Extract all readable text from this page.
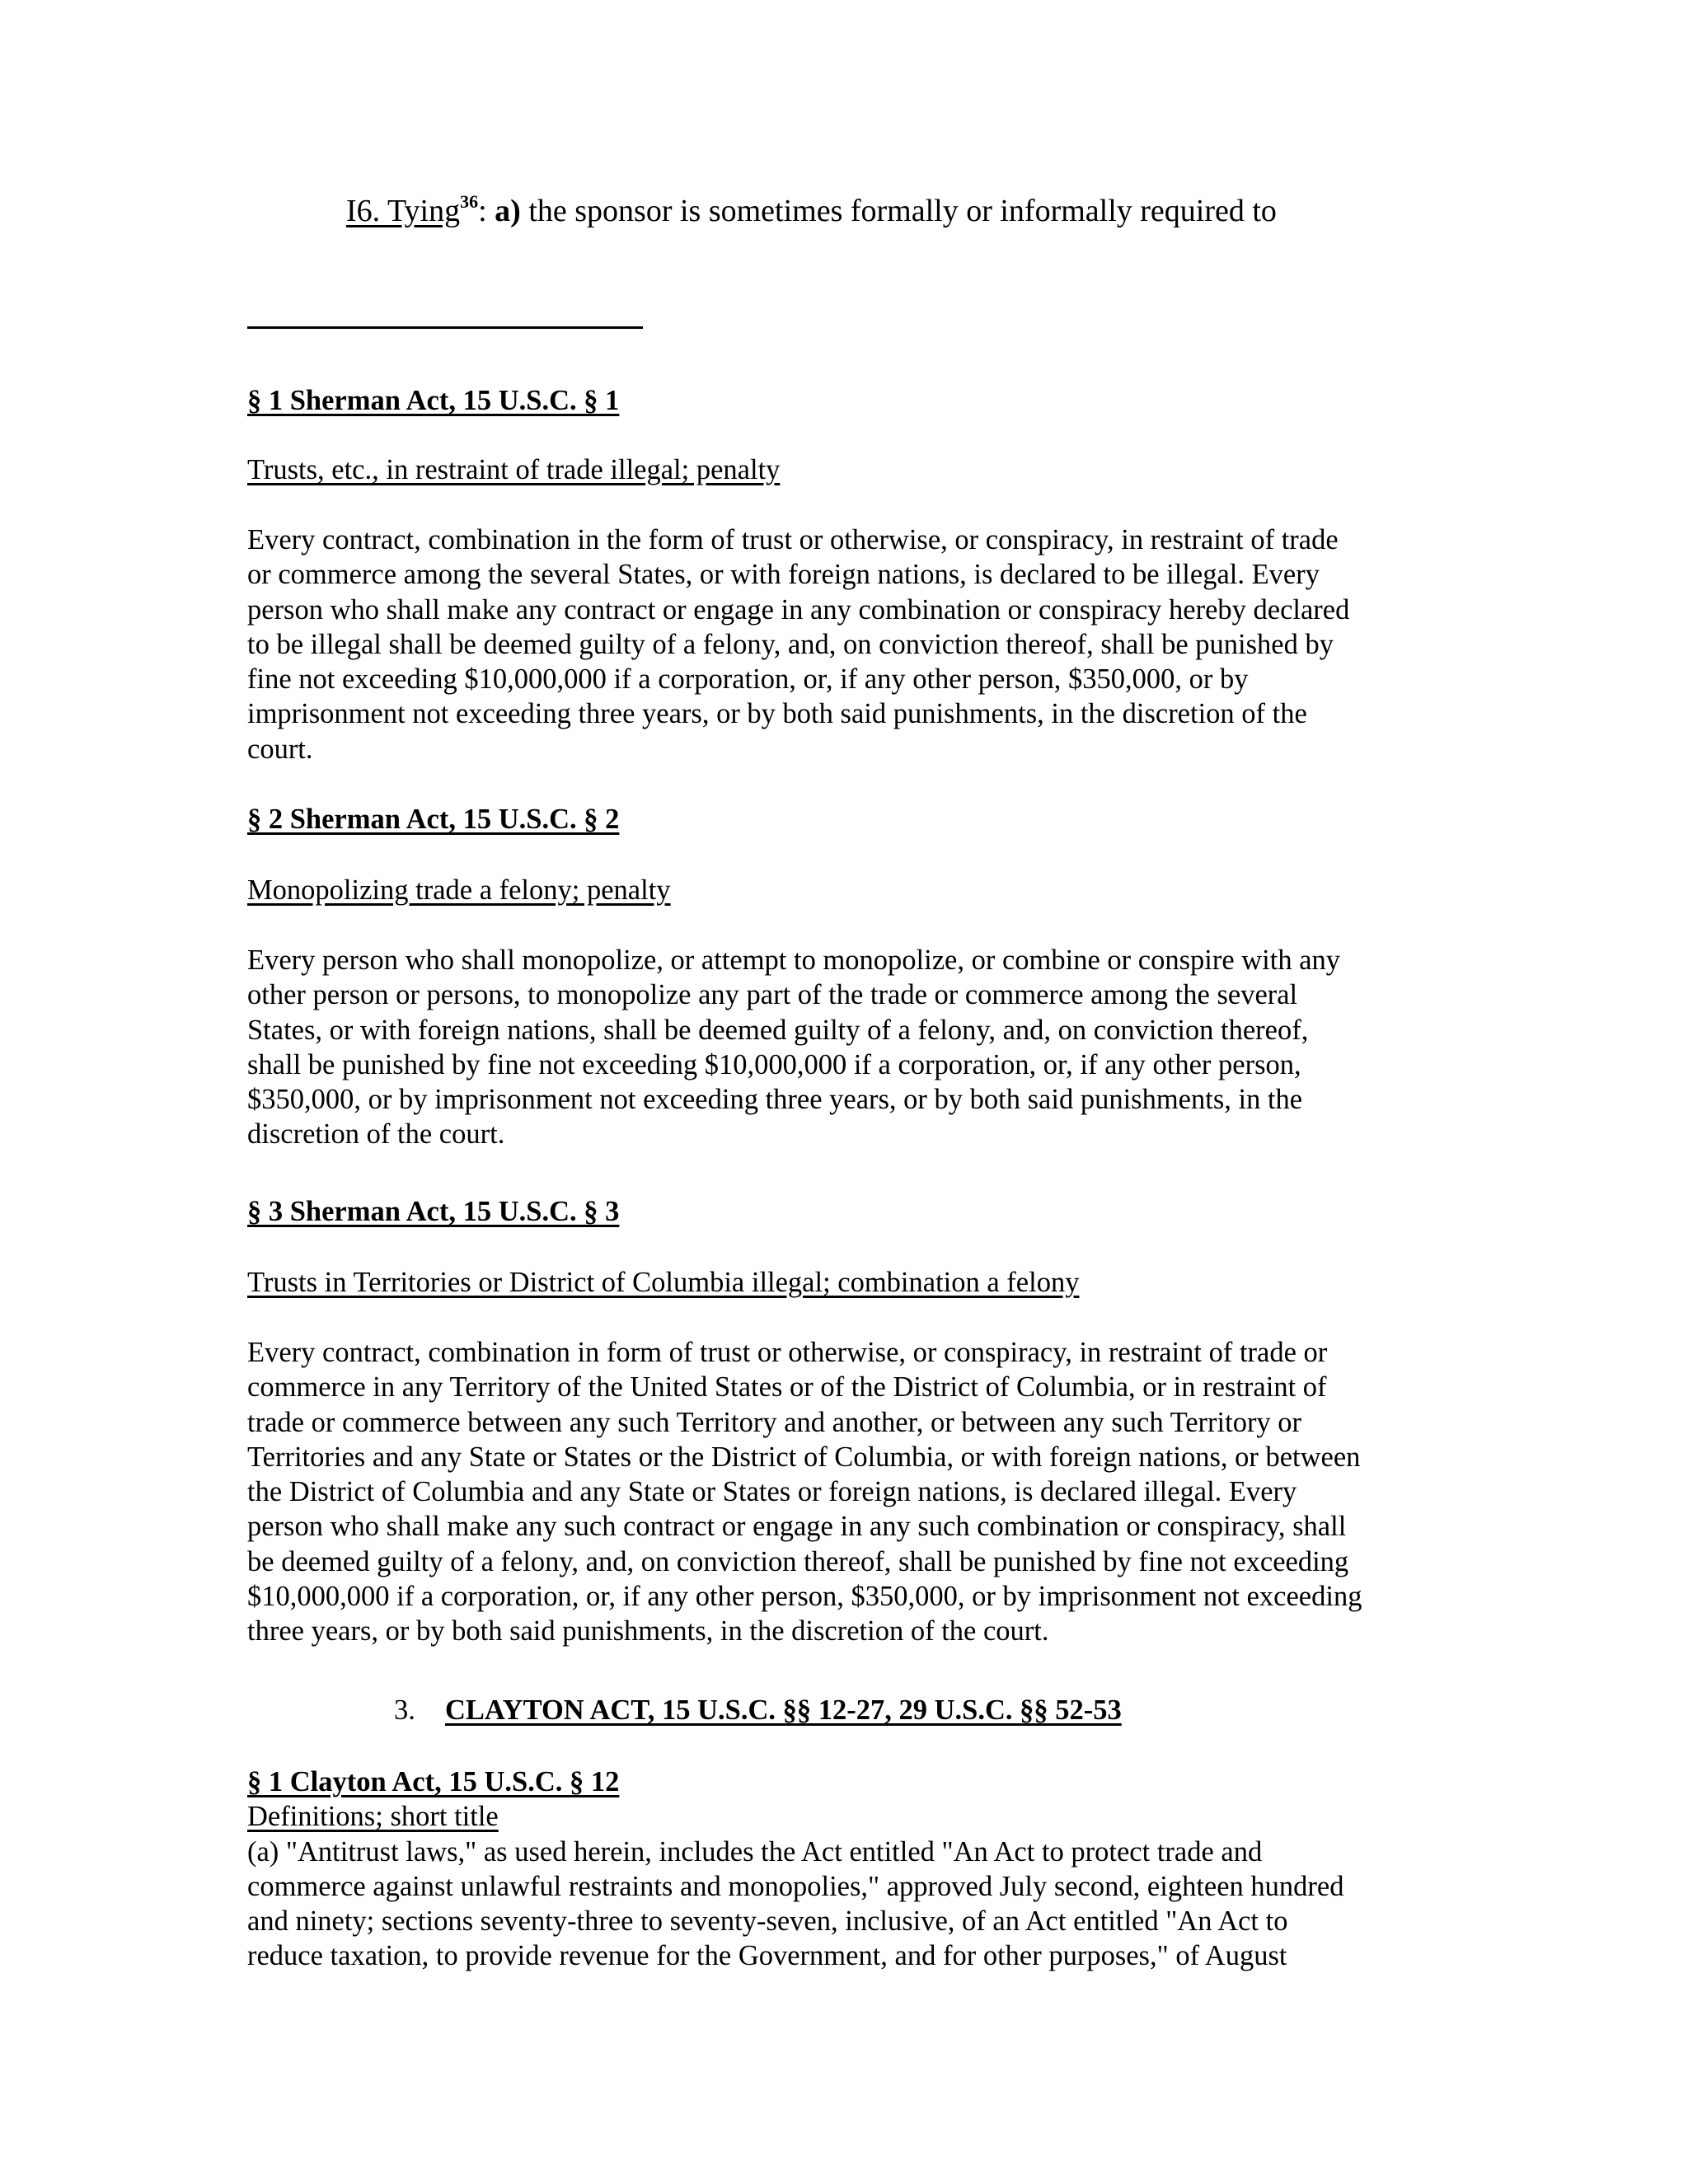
I6. Tying$^{36}$: a) the sponsor is sometimes formally or informally required to
§ 1 Sherman Act, 15 U.S.C. § 1
Trusts, etc., in restraint of trade illegal; penalty
Every contract, combination in the form of trust or otherwise, or conspiracy, in restraint of trade
or commerce among the several States, or with foreign nations, is declared to be illegal. Every
person who shall make any contract or engage in any combination or conspiracy hereby declared
to be illegal shall be deemed guilty of a felony, and, on conviction thereof, shall be punished by
fine not exceeding $10,000,000 if a corporation, or, if any other person, $350,000, or by
imprisonment not exceeding three years, or by both said punishments, in the discretion of the
court.
§ 2 Sherman Act, 15 U.S.C. § 2
Monopolizing trade a felony; penalty
Every person who shall monopolize, or attempt to monopolize, or combine or conspire with any
other person or persons, to monopolize any part of the trade or commerce among the several
States, or with foreign nations, shall be deemed guilty of a felony, and, on conviction thereof,
shall be punished by fine not exceeding $10,000,000 if a corporation, or, if any other person,
$350,000, or by imprisonment not exceeding three years, or by both said punishments, in the
discretion of the court.
§ 3 Sherman Act, 15 U.S.C. § 3
Trusts in Territories or District of Columbia illegal; combination a felony
Every contract, combination in form of trust or otherwise, or conspiracy, in restraint of trade or
commerce in any Territory of the United States or of the District of Columbia, or in restraint of
trade or commerce between any such Territory and another, or between any such Territory or
Territories and any State or States or the District of Columbia, or with foreign nations, or between
the District of Columbia and any State or States or foreign nations, is declared illegal. Every
person who shall make any such contract or engage in any such combination or conspiracy, shall
be deemed guilty of a felony, and, on conviction thereof, shall be punished by fine not exceeding
$10,000,000 if a corporation, or, if any other person, $350,000, or by imprisonment not exceeding
three years, or by both said punishments, in the discretion of the court.
3. CLAYTON ACT, 15 U.S.C. §§ 12-27, 29 U.S.C. §§ 52-53
§ 1 Clayton Act, 15 U.S.C. § 12
Definitions; short title
(a) "Antitrust laws," as used herein, includes the Act entitled "An Act to protect trade and
commerce against unlawful restraints and monopolies," approved July second, eighteen hundred
and ninety; sections seventy-three to seventy-seven, inclusive, of an Act entitled "An Act to
reduce taxation, to provide revenue for the Government, and for other purposes," of August
